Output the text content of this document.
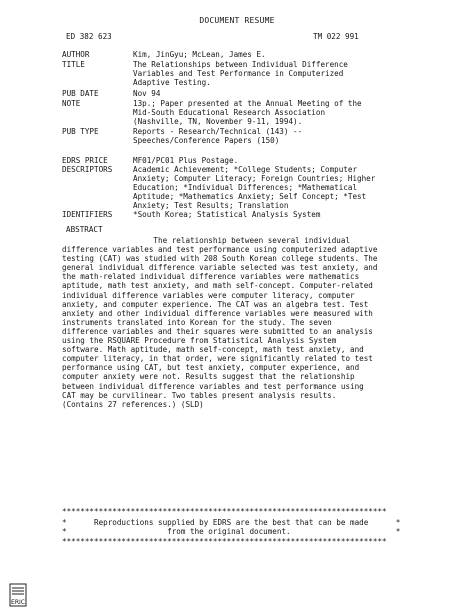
DOCUMENT RESUME
ED 382 623	TM 022 991
AUTHOR	Kim, JinGyu; McLean, James E.
TITLE	The Relationships between Individual Difference
Variables and Test Performance in Computerized
Adaptive Testing.
PUB DATE	Nov 94
NOTE	13p.; Paper presented at the Annual Meeting of the
Mid-South Educational Research Association
(Nashville, TN, November 9-11, 1994).
PUB TYPE	Reports - Research/Technical (143) --
Speeches/Conference Papers (150)
EDRS PRICE	MF01/PC01 Plus Postage.
DESCRIPTORS	Academic Achievement; *College Students; Computer
Anxiety; Computer Literacy; Foreign Countries; Higher
Education; *Individual Differences; *Mathematical
Aptitude; *Mathematics Anxiety; Self Concept; *Test
Anxiety; Test Results; Translation
IDENTIFIERS	*South Korea; Statistical Analysis System
ABSTRACT
The relationship between several individual
difference variables and test performance using computerized adaptive
testing (CAT) was studied with 208 South Korean college students. The
general individual difference variable selected was test anxiety, and
the math-related individual difference variables were mathematics
aptitude, math test anxiety, and math self-concept. Computer-related
individual difference variables were computer literacy, computer
anxiety, and computer experience. The CAT was an algebra test. Test
anxiety and other individual difference variables were measured with
instruments translated into Korean for the study. The seven
difference variables and their squares were submitted to an analysis
using the RSQUARE Procedure from Statistical Analysis System
software. Math aptitude, math self-concept, math test anxiety, and
computer literacy, in that order, were significantly related to test
performance using CAT, but test anxiety, computer experience, and
computer anxiety were not. Results suggest that the relationship
between individual difference variables and test performance using
CAT may be curvilinear. Two tables present analysis results.
(Contains 27 references.) (SLD)
***********************************************************************
*      Reproductions supplied by EDRS are the best that can be made      *
*                      from the original document.                       *
***********************************************************************
ERIC
